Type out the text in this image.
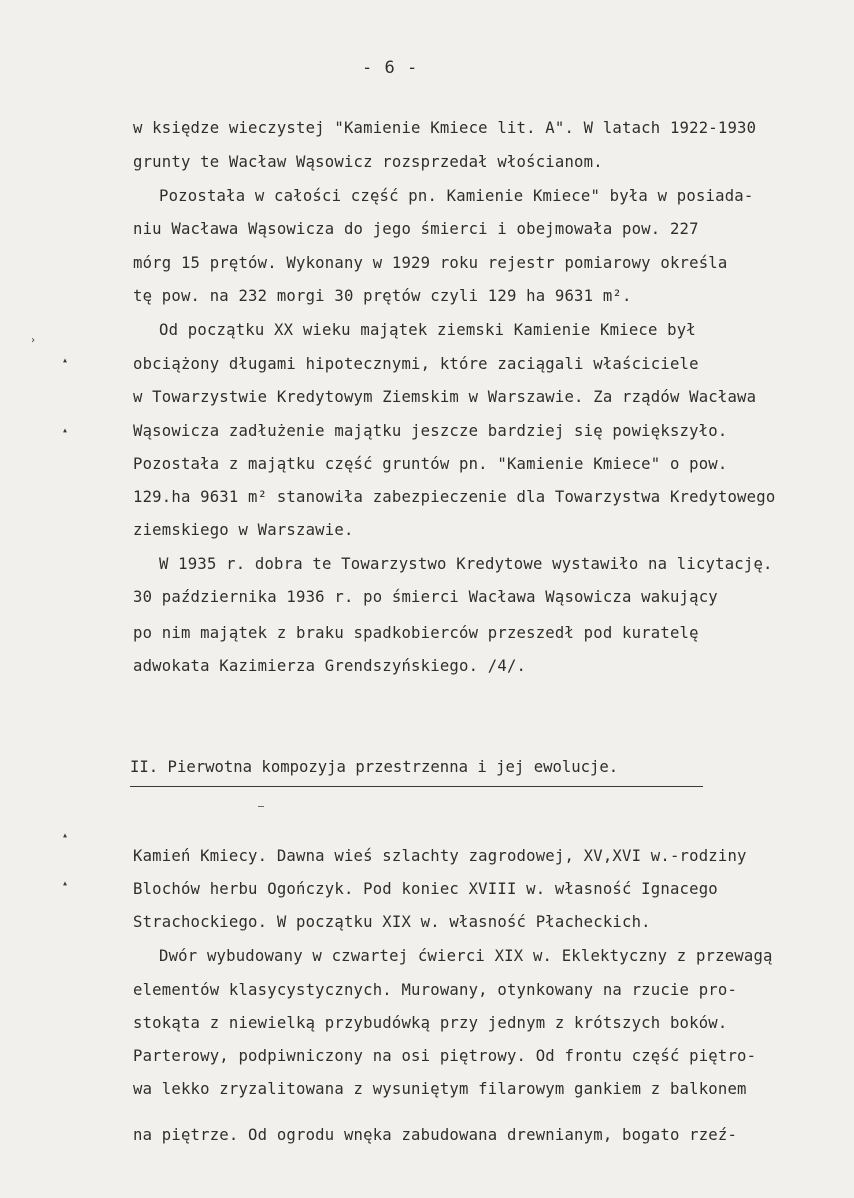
- 6 -
w księdze wieczystej "Kamienie Kmiece lit. A". W latach 1922-1930
grunty te Wacław Wąsowicz rozsprzedał włościanom.
Pozostała w całości część pn. Kamienie Kmiece" była w posiada-
niu Wacława Wąsowicza do jego śmierci i obejmowała pow. 227
mórg 15 prętów. Wykonany w 1929 roku rejestr pomiarowy określa
tę pow. na 232 morgi 30 prętów czyli 129 ha 9631 m².
Od początku XX wieku majątek ziemski Kamienie Kmiece był
obciążony długami hipotecznymi, które zaciągali właściciele
w Towarzystwie Kredytowym Ziemskim w Warszawie. Za rządów Wacława
Wąsowicza zadłużenie majątku jeszcze bardziej się powiększyło.
Pozostała z majątku część gruntów pn. "Kamienie Kmiece" o pow.
129.ha 9631 m² stanowiła zabezpieczenie dla Towarzystwa Kredytowego
ziemskiego w Warszawie.
W 1935 r. dobra te Towarzystwo Kredytowe wystawiło na licytację.
30 października 1936 r. po śmierci Wacława Wąsowicza wakujący
po nim majątek z braku spadkobierców przeszedł pod kuratelę
adwokata Kazimierza Grendszyńskiego. /4/.
II. Pierwotna kompozyja przestrzenna i jej ewolucje.
Kamień Kmiecy. Dawna wieś szlachty zagrodowej, XV,XVI w.-rodziny
Blochów herbu Ogończyk. Pod koniec XVIII w. własność Ignacego
Strachockiego. W początku XIX w. własność Płacheckich.
Dwór wybudowany w czwartej ćwierci XIX w. Eklektyczny z przewagą
elementów klasycystycznych. Murowany, otynkowany na rzucie pro-
stokąta z niewielką przybudówką przy jednym z krótszych boków.
Parterowy, podpiwniczony na osi piętrowy. Od frontu część piętro-
wa lekko zryzalitowana z wysuniętym filarowym gankiem z balkonem
na piętrze. Od ogrodu wnęka zabudowana drewnianym, bogato rzeź-
›
▴
▴
▴
▴
